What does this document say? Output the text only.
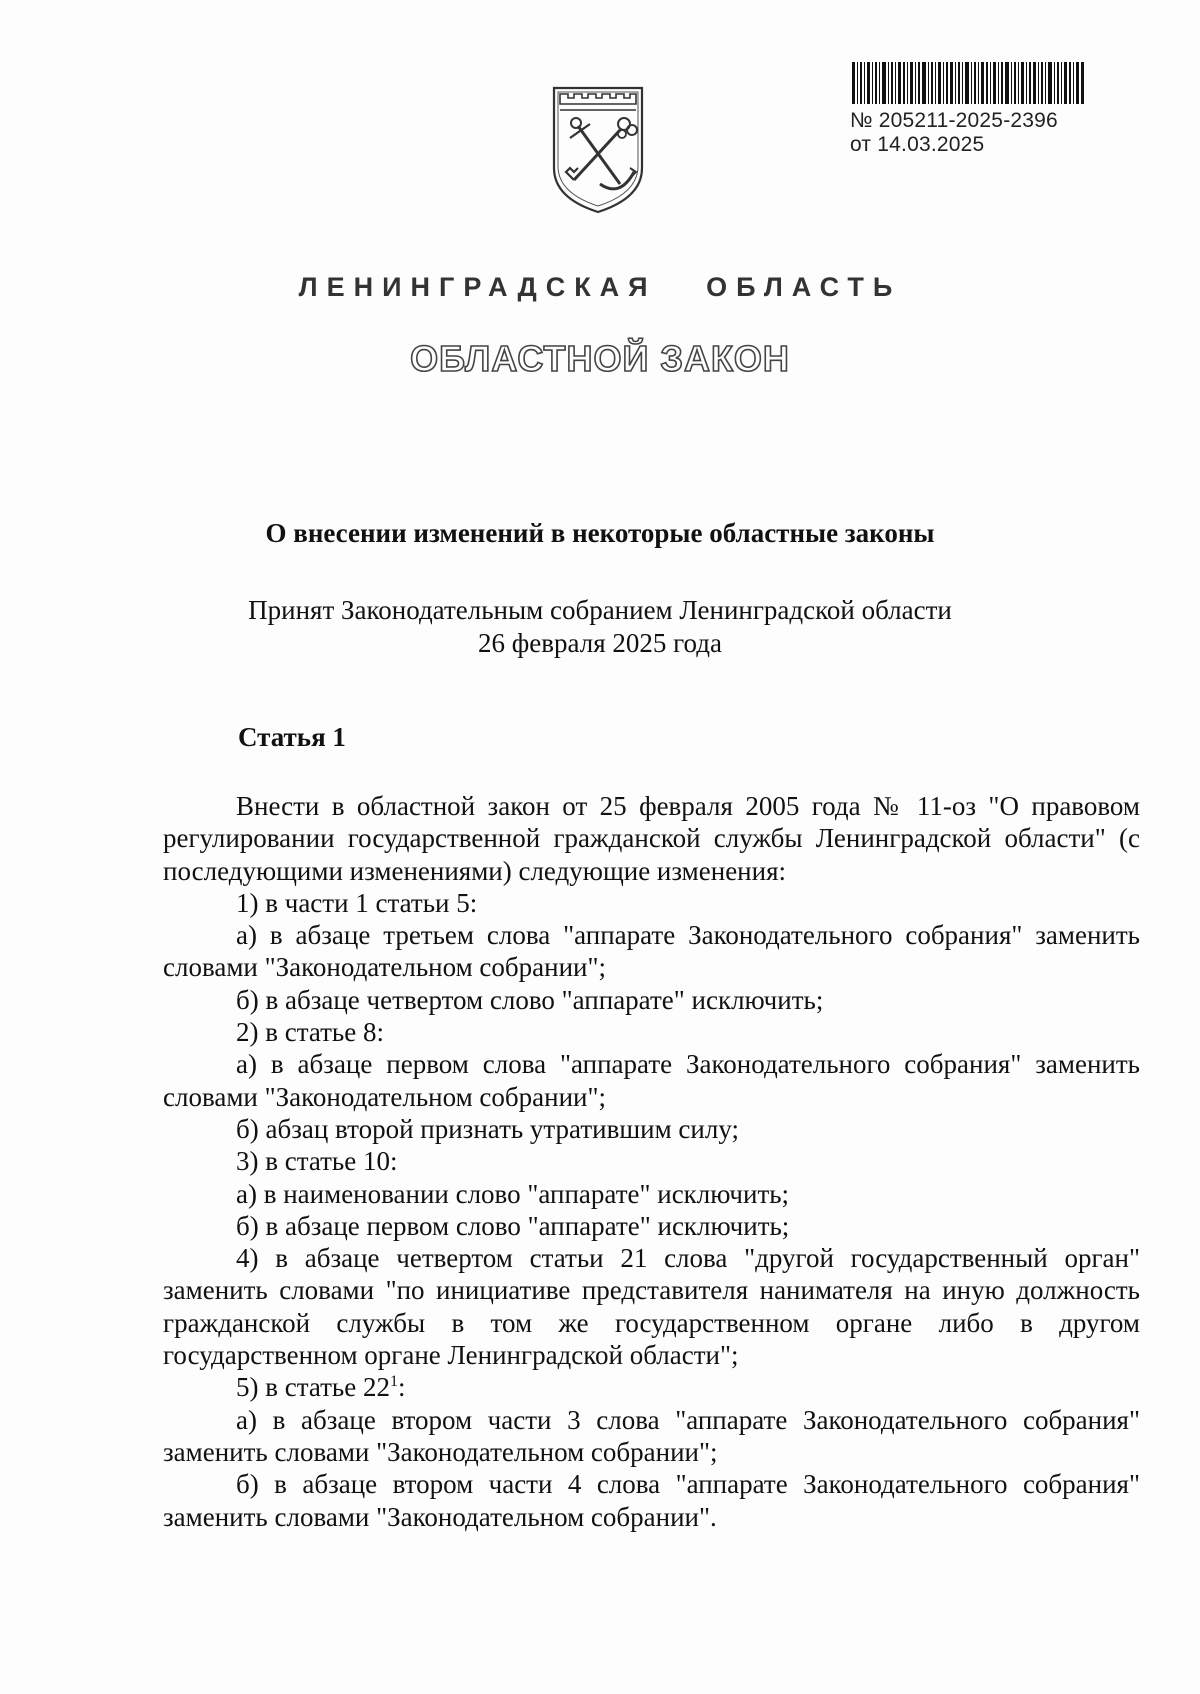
№ 205211-2025-2396
от 14.03.2025
ЛЕНИНГРАДСКАЯ   ОБЛАСТЬ
ОБЛАСТНОЙ ЗАКОН
О внесении изменений в некоторые областные законы
Принят Законодательным собранием Ленинградской области
26 февраля 2025 года
Статья 1

Внести в областной закон от 25 февраля 2005 года № 11-оз "О правовом регулировании государственной гражданской службы Ленинградской области" (с последующими изменениями) следующие изменения:

1) в части 1 статьи 5:

а) в абзаце третьем слова "аппарате Законодательного собрания" заменить словами "Законодательном собрании";

б) в абзаце четвертом слово "аппарате" исключить;

2) в статье 8:

а) в абзаце первом слова "аппарате Законодательного собрания" заменить словами "Законодательном собрании";

б) абзац второй признать утратившим силу;

3) в статье 10:

а) в наименовании слово "аппарате" исключить;

б) в абзаце первом слово "аппарате" исключить;

4) в абзаце четвертом статьи 21 слова "другой государственный орган" заменить словами "по инициативе представителя нанимателя на иную должность гражданской службы в том же государственном органе либо в другом государственном органе Ленинградской области";

5) в статье $22^1$:

а) в абзаце втором части 3 слова "аппарате Законодательного собрания" заменить словами "Законодательном собрании";

б) в абзаце втором части 4 слова "аппарате Законодательного собрания" заменить словами "Законодательном собрании".
